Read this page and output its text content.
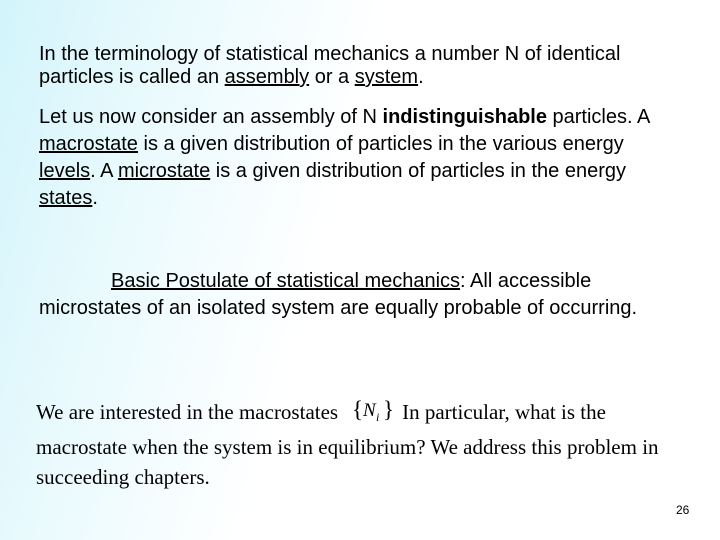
In the terminology of statistical mechanics a number N of identical particles is called an assembly or a system.

Let us now consider an assembly of N indistinguishable particles. A macrostate is a given distribution of particles in the various energy levels. A microstate is a given distribution of particles in the energy states.

Basic Postulate of statistical mechanics: All accessible microstates of an isolated system are equally probable of occurring.

We are interested in the macrostates { N i } In particular, what is the macrostate when the system is in equilibrium? We address this problem in succeeding chapters.

26
